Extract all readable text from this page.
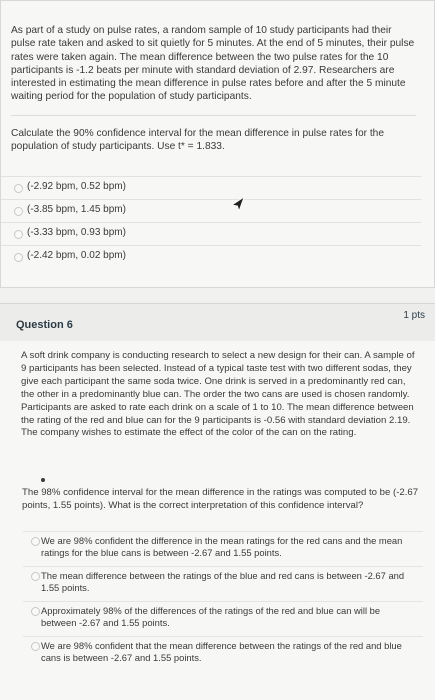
As part of a study on pulse rates, a random sample of 10 study participants had their pulse rate taken and asked to sit quietly for 5 minutes. At the end of 5 minutes, their pulse rates were taken again. The mean difference between the two pulse rates for the 10 participants is -1.2 beats per minute with standard deviation of 2.97. Researchers are interested in estimating the mean difference in pulse rates before and after the 5 minute waiting period for the population of study participants.

Calculate the 90% confidence interval for the mean difference in pulse rates for the population of study participants. Use t* = 1.833.

(-2.92 bpm, 0.52 bpm)
(-3.85 bpm, 1.45 bpm)
(-3.33 bpm, 0.93 bpm)
(-2.42 bpm, 0.02 bpm)
Question 6
1 pts

A soft drink company is conducting research to select a new design for their can. A sample of 9 participants has been selected. Instead of a typical taste test with two different sodas, they give each participant the same soda twice. One drink is served in a predominantly red can, the other in a predominantly blue can. The order the two cans are used is chosen randomly. Participants are asked to rate each drink on a scale of 1 to 10. The mean difference between the rating of the red and blue can for the 9 participants is -0.56 with standard deviation 2.19. The company wishes to estimate the effect of the color of the can on the rating.

The 98% confidence interval for the mean difference in the ratings was computed to be (-2.67 points, 1.55 points). What is the correct interpretation of this confidence interval?

We are 98% confident the difference in the mean ratings for the red cans and the mean ratings for the blue cans is between -2.67 and 1.55 points.
The mean difference between the ratings of the blue and red cans is between -2.67 and 1.55 points.
Approximately 98% of the differences of the ratings of the red and blue can will be between -2.67 and 1.55 points.
We are 98% confident that the mean difference between the ratings of the red and blue cans is between -2.67 and 1.55 points.
